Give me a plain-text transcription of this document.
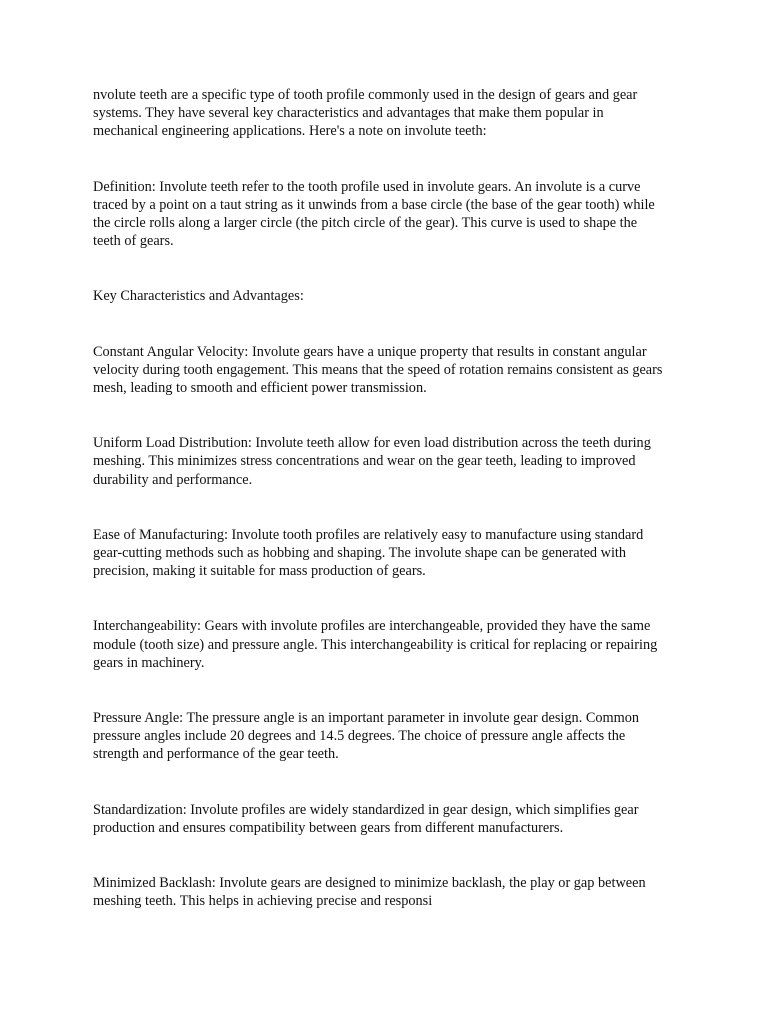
nvolute teeth are a specific type of tooth profile commonly used in the design of gears and gear systems. They have several key characteristics and advantages that make them popular in mechanical engineering applications. Here's a note on involute teeth:

Definition: Involute teeth refer to the tooth profile used in involute gears. An involute is a curve traced by a point on a taut string as it unwinds from a base circle (the base of the gear tooth) while the circle rolls along a larger circle (the pitch circle of the gear). This curve is used to shape the teeth of gears.

Key Characteristics and Advantages:

Constant Angular Velocity: Involute gears have a unique property that results in constant angular velocity during tooth engagement. This means that the speed of rotation remains consistent as gears mesh, leading to smooth and efficient power transmission.

Uniform Load Distribution: Involute teeth allow for even load distribution across the teeth during meshing. This minimizes stress concentrations and wear on the gear teeth, leading to improved durability and performance.

Ease of Manufacturing: Involute tooth profiles are relatively easy to manufacture using standard gear-cutting methods such as hobbing and shaping. The involute shape can be generated with precision, making it suitable for mass production of gears.

Interchangeability: Gears with involute profiles are interchangeable, provided they have the same module (tooth size) and pressure angle. This interchangeability is critical for replacing or repairing gears in machinery.

Pressure Angle: The pressure angle is an important parameter in involute gear design. Common pressure angles include 20 degrees and 14.5 degrees. The choice of pressure angle affects the strength and performance of the gear teeth.

Standardization: Involute profiles are widely standardized in gear design, which simplifies gear production and ensures compatibility between gears from different manufacturers.

Minimized Backlash: Involute gears are designed to minimize backlash, the play or gap between meshing teeth. This helps in achieving precise and responsi
